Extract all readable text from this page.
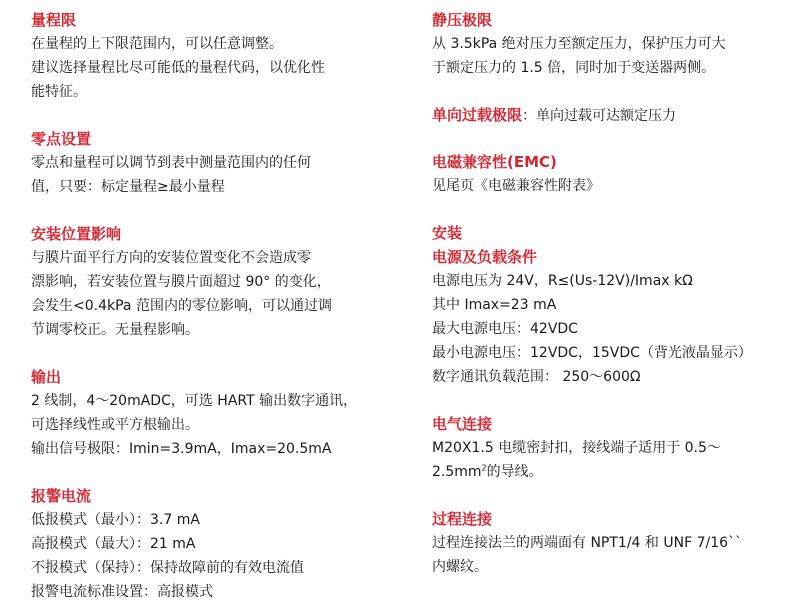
量程限
在量程的上下限范围内，可以任意调整。
建议选择量程比尽可能低的量程代码，以优化性
能特征。
零点设置
零点和量程可以调节到表中测量范围内的任何
值，只要：标定量程≥最小量程
安装位置影响
与膜片面平行方向的安装位置变化不会造成零
漂影响，若安装位置与膜片面超过 90° 的变化，
会发生<0.4kPa 范围内的零位影响，可以通过调
节调零校正。无量程影响。
输出
2 线制，4～20mADC，可选 HART 输出数字通讯，
可选择线性或平方根输出。
输出信号极限：Imin=3.9mA，Imax=20.5mA
报警电流
低报模式（最小）：3.7 mA
高报模式（最大）：21 mA
不报模式（保持）：保持故障前的有效电流值
报警电流标准设置：高报模式
静压极限
从 3.5kPa 绝对压力至额定压力，保护压力可大
于额定压力的 1.5 倍，同时加于变送器两侧。
单向过载极限：单向过载可达额定压力
电磁兼容性(EMC)
见尾页《电磁兼容性附表》
安装
电源及负载条件
电源电压为 24V，R≤(Us-12V)/Imax kΩ
其中 Imax=23 mA
最大电源电压：42VDC
最小电源电压：12VDC，15VDC（背光液晶显示）
数字通讯负载范围： 250～600Ω
电气连接
M20X1.5 电缆密封扣，接线端子适用于 0.5～
$2.5mm^2$的导线。
过程连接
过程连接法兰的两端面有 NPT1/4 和 UNF 7/16``
内螺纹。
